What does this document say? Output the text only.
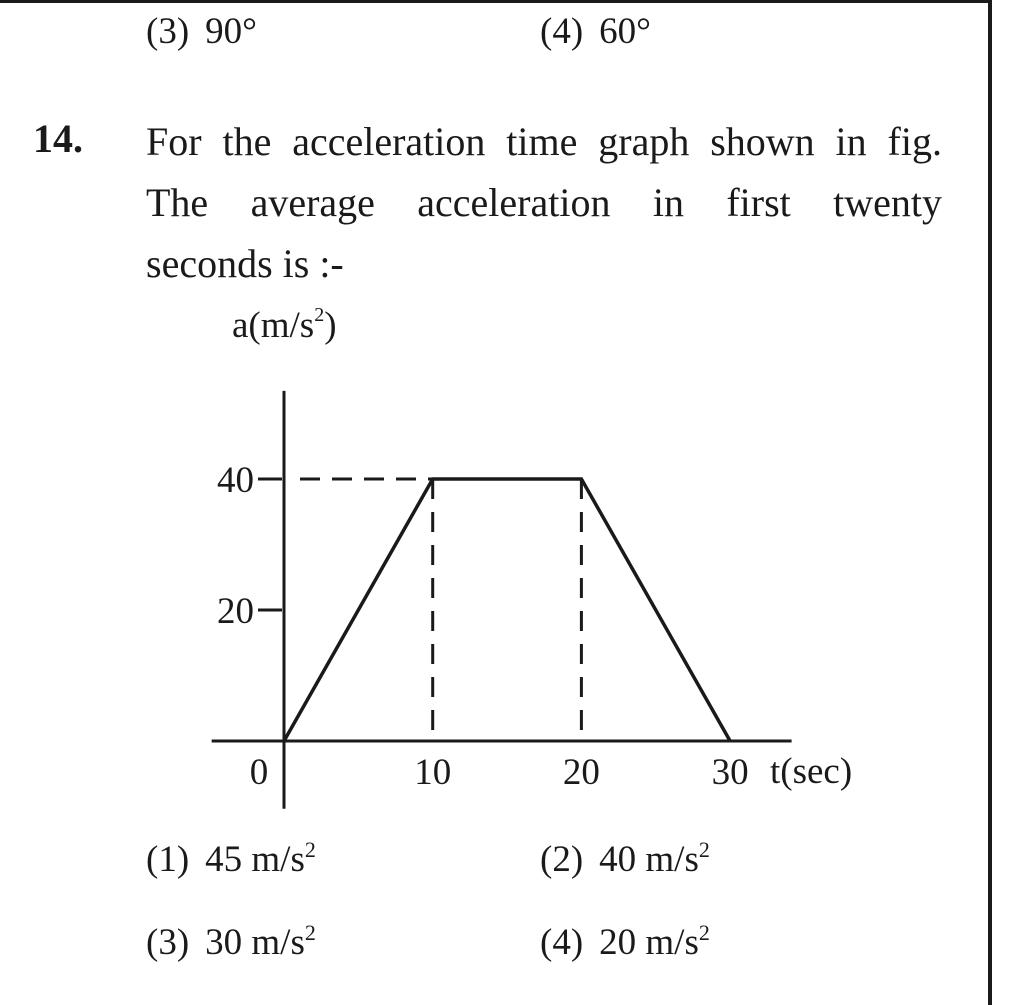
(3) 90°	(4) 60°
14. For the acceleration time graph shown in fig.
The average acceleration in first twenty
seconds is :-
$a(m/s^2)$
t(sec)
20
40
0	10	20	30
(1) 45 $m/s^2$	(2) 40 $m/s^2$
(3) 30 $m/s^2$	(4) 20 $m/s^2$
